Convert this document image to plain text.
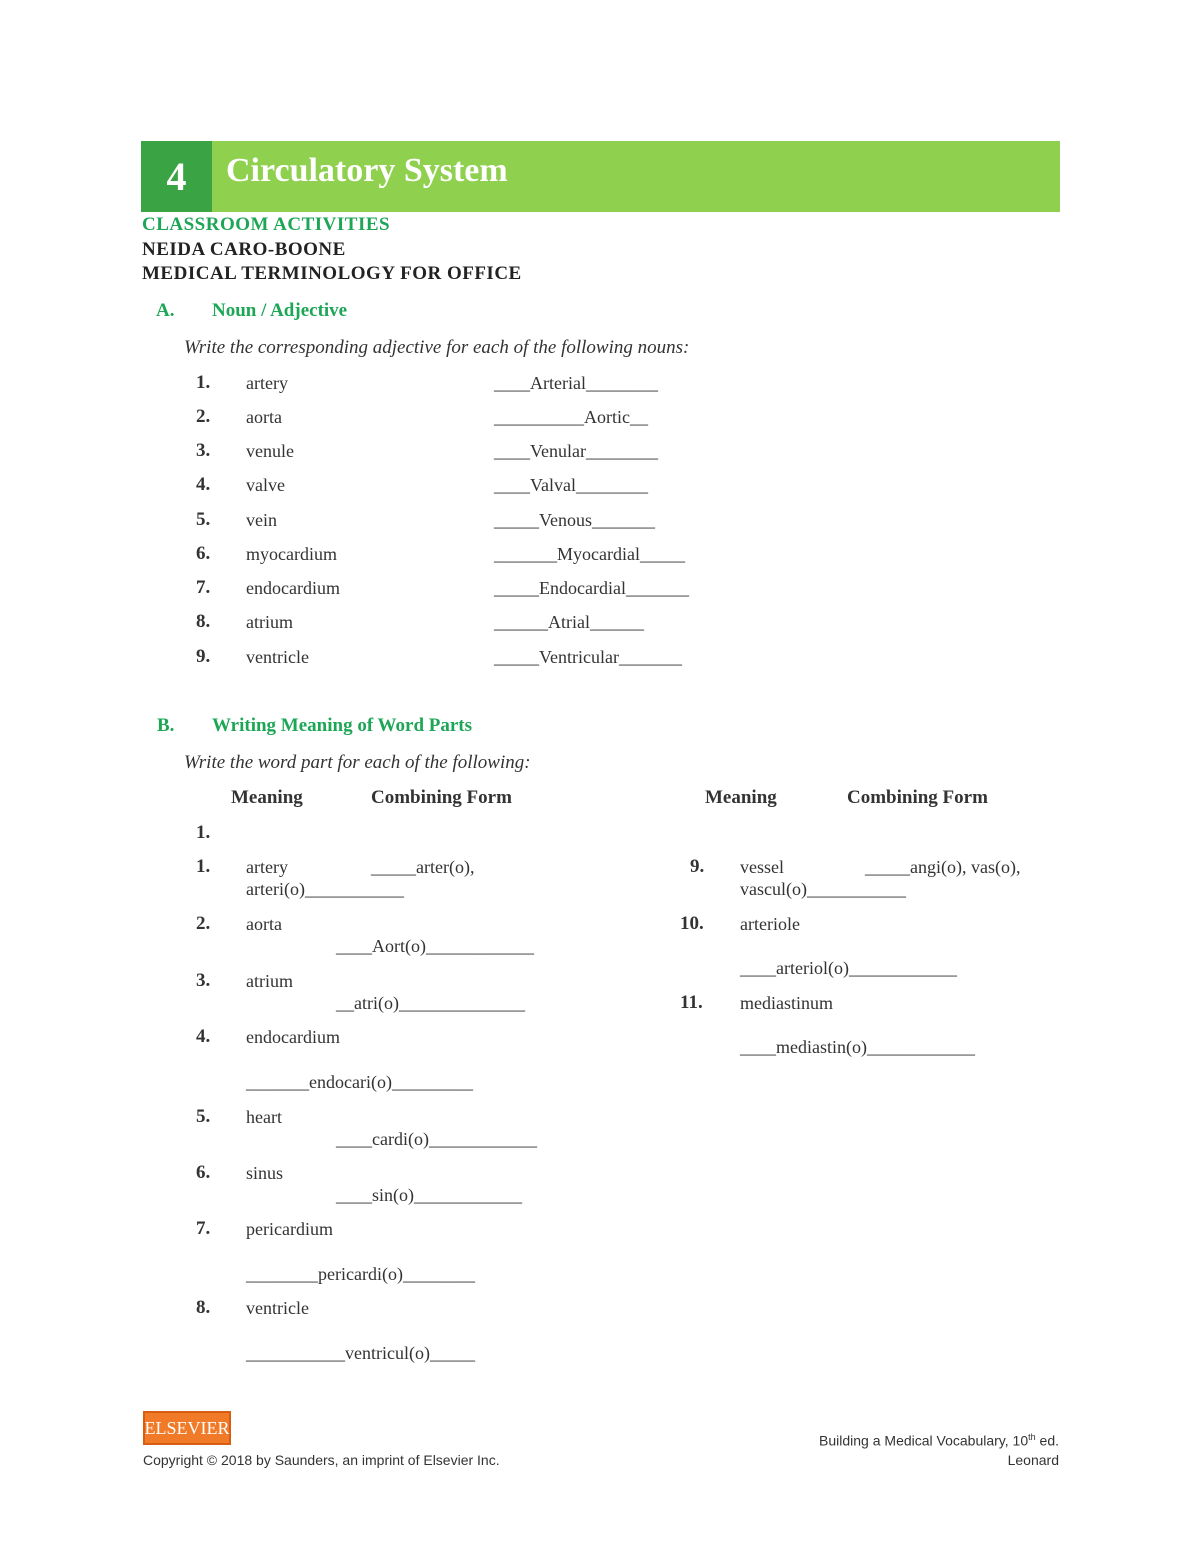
4	Circulatory System
CLASSROOM ACTIVITIES
NEIDA CARO-BOONE
MEDICAL TERMINOLOGY FOR OFFICE
A. Noun / Adjective
Write the corresponding adjective for each of the following nouns:
1. artery	____Arterial________
2. aorta	__________Aortic__
3. venule	____Venular________
4. valve	____Valval________
5. vein	_____Venous_______
6. myocardium	_______Myocardial_____
7. endocardium	_____Endocardial_______
8. atrium	______Atrial______
9. ventricle	_____Ventricular_______
B. Writing Meaning of Word Parts
Write the word part for each of the following:
Meaning	Combining Form	Meaning	Combining Form
1.
1. artery	_____arter(o),
arteri(o)___________
2. aorta
____Aort(o)____________
3. atrium
__atri(o)______________
4. endocardium
_______endocari(o)_________
5. heart
____cardi(o)____________
6. sinus
____sin(o)____________
7. pericardium
________pericardi(o)________
8. ventricle
___________ventricul(o)_____
9. vessel	_____angi(o), vas(o),
vascul(o)___________
10. arteriole
____arteriol(o)____________
11. mediastinum
____mediastin(o)____________
ELSEVIER
Copyright © 2018 by Saunders, an imprint of Elsevier Inc.
Building a Medical Vocabulary, 10th ed.
Leonard
